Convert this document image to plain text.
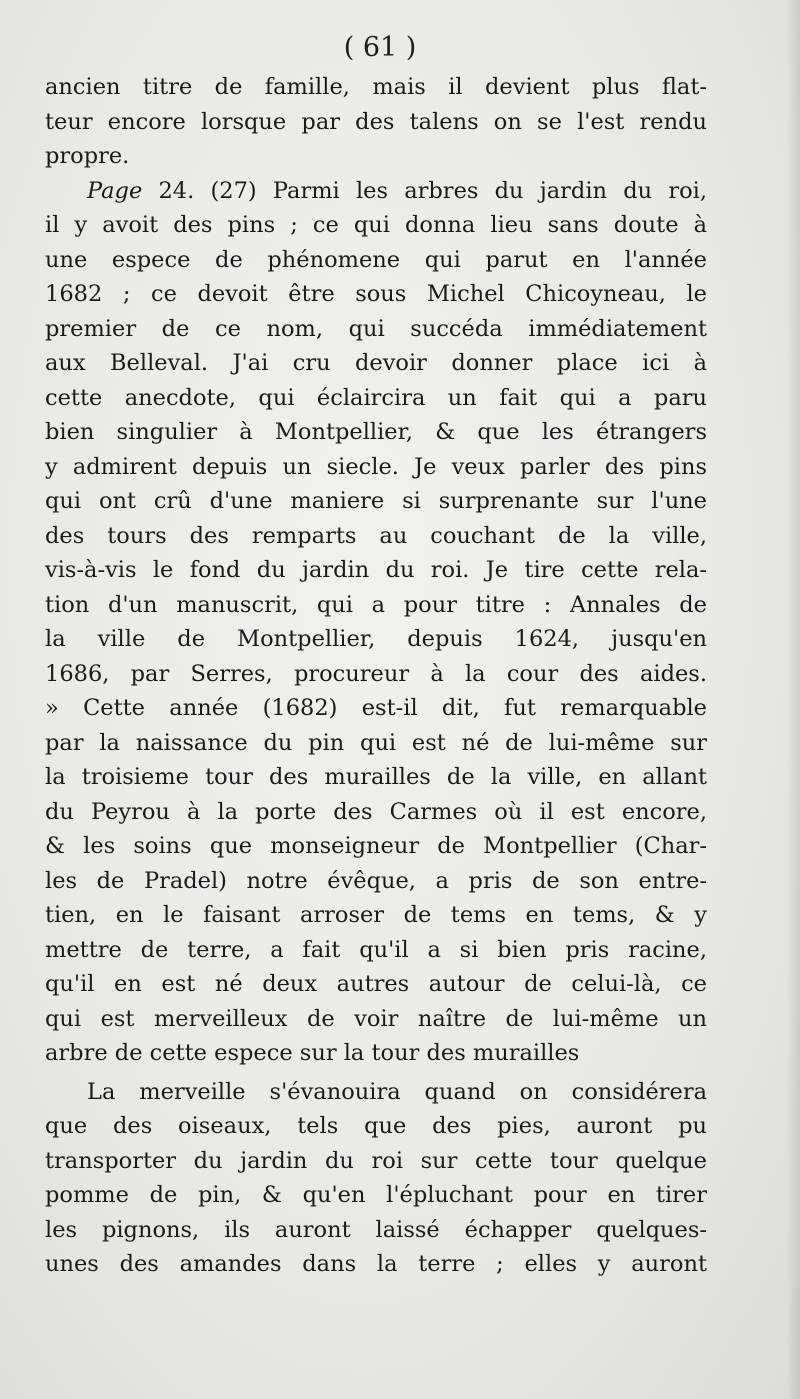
( 61 )
ancien titre de famille, mais il devient plus flat-
teur encore lorsque par des talens on se l'est rendu
propre.
Page 24. (27) Parmi les arbres du jardin du roi,
il y avoit des pins ; ce qui donna lieu sans doute à
une espece de phénomene qui parut en l'année
1682 ; ce devoit être sous Michel Chicoyneau, le
premier de ce nom, qui succéda immédiatement
aux Belleval. J'ai cru devoir donner place ici à
cette anecdote, qui éclaircira un fait qui a paru
bien singulier à Montpellier, & que les étrangers
y admirent depuis un siecle. Je veux parler des pins
qui ont crû d'une maniere si surprenante sur l'une
des tours des remparts au couchant de la ville,
vis-à-vis le fond du jardin du roi. Je tire cette rela-
tion d'un manuscrit, qui a pour titre : Annales de
la ville de Montpellier, depuis 1624, jusqu'en
1686, par Serres, procureur à la cour des aides.
» Cette année (1682) est-il dit, fut remarquable
par la naissance du pin qui est né de lui-même sur
la troisieme tour des murailles de la ville, en allant
du Peyrou à la porte des Carmes où il est encore,
& les soins que monseigneur de Montpellier (Char-
les de Pradel) notre évêque, a pris de son entre-
tien, en le faisant arroser de tems en tems, & y
mettre de terre, a fait qu'il a si bien pris racine,
qu'il en est né deux autres autour de celui-là, ce
qui est merveilleux de voir naître de lui-même un
arbre de cette espece sur la tour des murailles
La merveille s'évanouira quand on considérera
que des oiseaux, tels que des pies, auront pu
transporter du jardin du roi sur cette tour quelque
pomme de pin, & qu'en l'épluchant pour en tirer
les pignons, ils auront laissé échapper quelques-
unes des amandes dans la terre ; elles y auront
